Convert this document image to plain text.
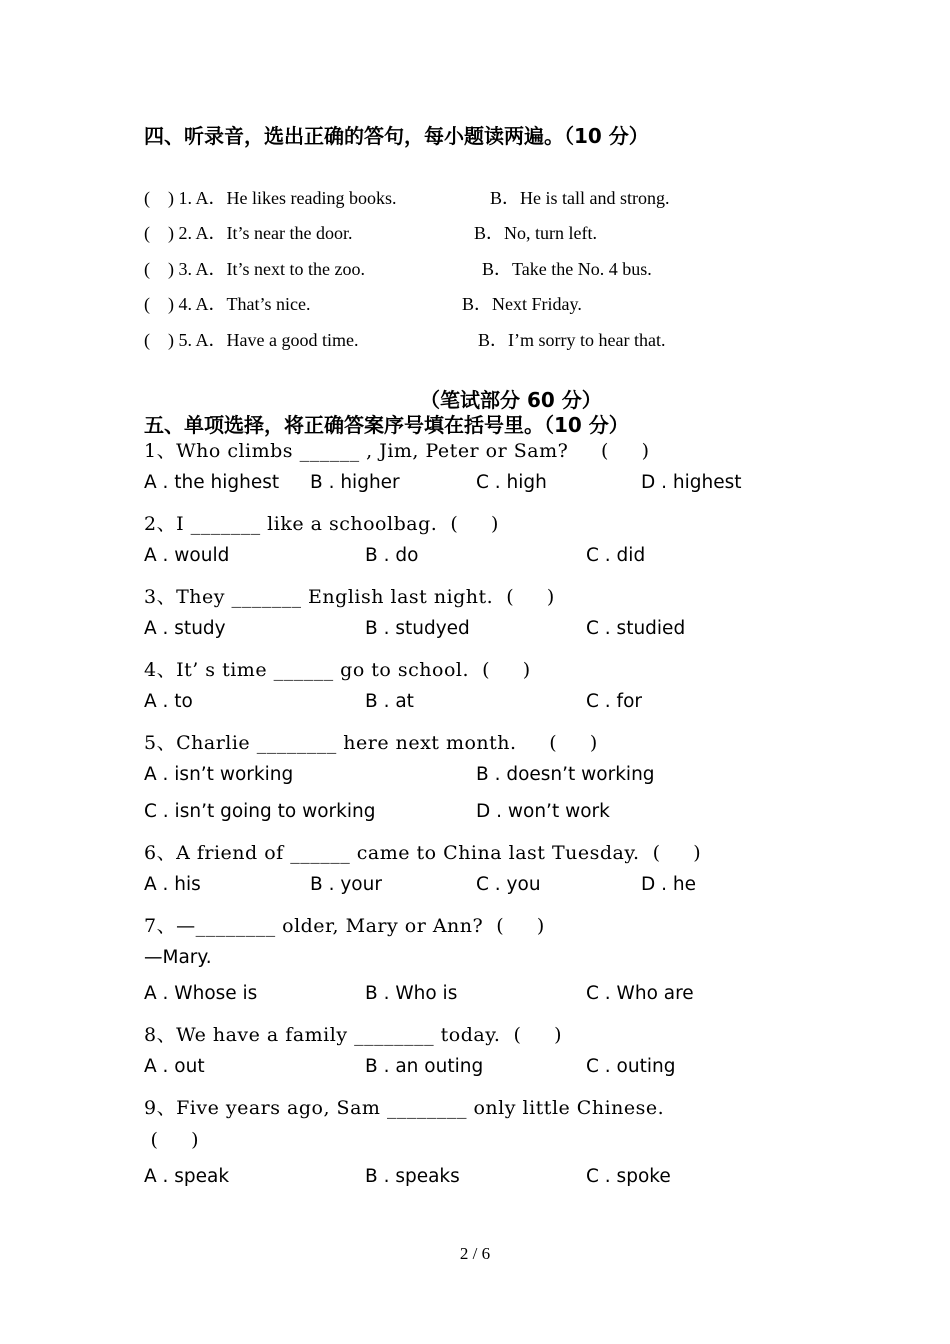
四、听录音，选出正确的答句，每小题读两遍。（10 分）
(    ) 1. A．He likes reading books.	B．He is tall and strong.
(    ) 2. A．It’s near the door.	B．No, turn left.
(    ) 3. A．It’s next to the zoo.	B．Take the No. 4 bus.
(    ) 4. A．That’s nice.	B．Next Friday.
(    ) 5. A．Have a good time.	B．I’m sorry to hear that.
（笔试部分 60 分）
五、单项选择，将正确答案序号填在括号里。（10 分）
1、Who climbs ______ , Jim, Peter or Sam?     (     )
A . the highest B . higher	C . high	D . highest
2、I _______ like a schoolbag.  (     )
A . would	B . do	C . did
3、They _______ English last night.  (     )
A . study	B . studyed	C . studied
4、It’ s time ______ go to school.  (     )
A . to	B . at	C . for
5、Charlie ________ here next month.     (     )
A . isn’t working	B . doesn’t working
C . isn’t going to working	D . won’t work
6、A friend of ______ came to China last Tuesday.  (     )
A . his	B . your	C . you	D . he
7、—________ older, Mary or Ann?  (     )
—Mary.
A . Whose is	B . Who is	C . Who are
8、We have a family ________ today.  (     )
A . out	B . an outing	C . outing
9、Five years ago, Sam ________ only little Chinese.
(     )
A . speak	B . speaks	C . spoke
2 / 6
